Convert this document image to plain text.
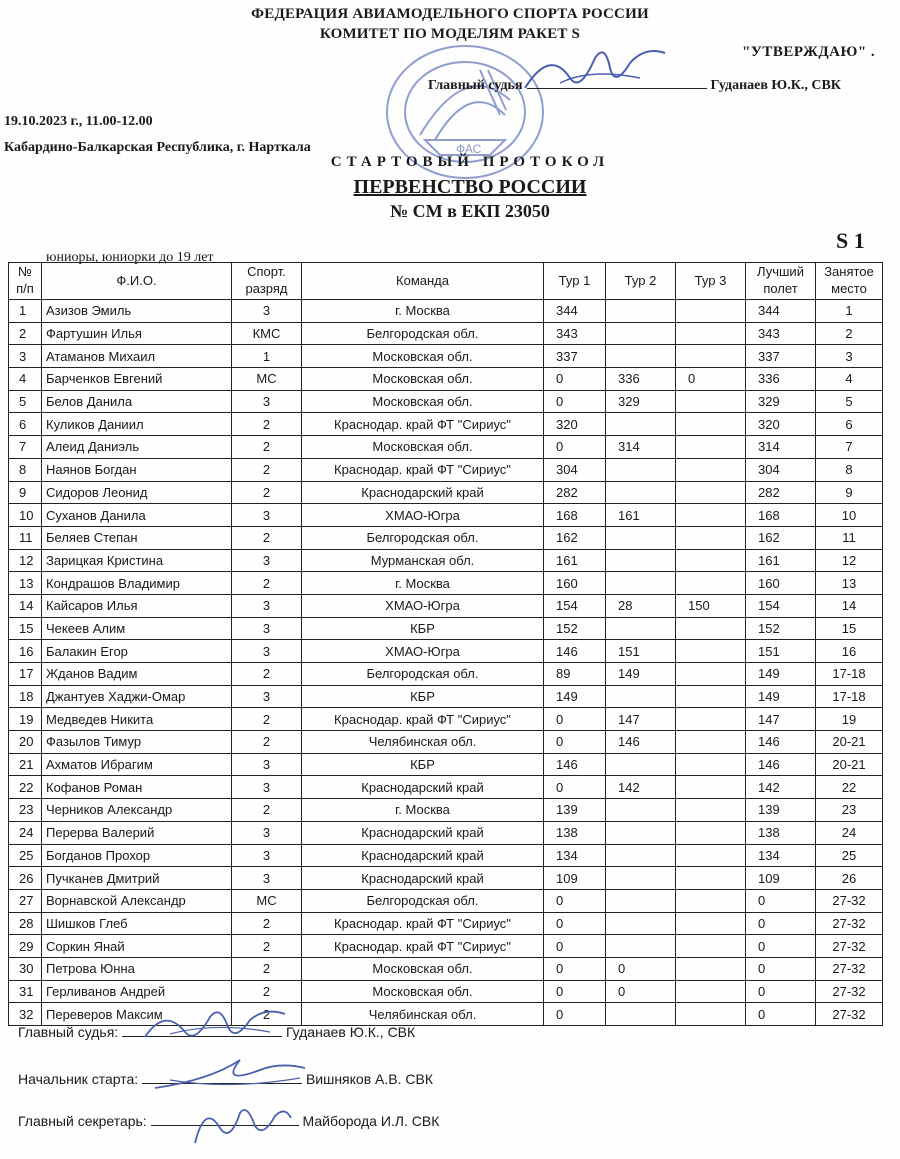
ФЕДЕРАЦИЯ АВИАМОДЕЛЬНОГО СПОРТА РОССИИ
КОМИТЕТ ПО МОДЕЛЯМ РАКЕТ S
ФАС
"УТВЕРЖДАЮ" .
Главный судья	Гуданаев Ю.К., СВК
19.10.2023 г., 11.00-12.00
Кабардино-Балкарская Республика, г. Нарткала
СТАРТОВЫЙ ПРОТОКОЛ
ПЕРВЕНСТВО РОССИИ
№ СМ в ЕКП 23050
S 1
юниоры, юниорки до 19 лет
№ п/п	Ф.И.О.	Спорт. разряд	Команда	Тур 1	Тур 2	Тур 3	Лучший полет	Занятое место
1	Азизов Эмиль	3	г. Москва	344			344	1
2	Фартушин Илья	КМС	Белгородская обл.	343			343	2
3	Атаманов Михаил	1	Московская обл.	337			337	3
4	Барченков Евгений	МС	Московская обл.	0	336	0	336	4
5	Белов Данила	3	Московская обл.	0	329		329	5
6	Куликов Даниил	2	Краснодар. край ФТ "Сириус"	320			320	6
7	Алеид Даниэль	2	Московская обл.	0	314		314	7
8	Наянов Богдан	2	Краснодар. край ФТ "Сириус"	304			304	8
9	Сидоров Леонид	2	Краснодарский край	282			282	9
10	Суханов Данила	3	ХМАО-Югра	168	161		168	10
11	Беляев Степан	2	Белгородская обл.	162			162	11
12	Зарицкая Кристина	3	Мурманская обл.	161			161	12
13	Кондрашов Владимир	2	г. Москва	160			160	13
14	Кайсаров Илья	3	ХМАО-Югра	154	28	150	154	14
15	Чекеев Алим	3	КБР	152			152	15
16	Балакин Егор	3	ХМАО-Югра	146	151		151	16
17	Жданов Вадим	2	Белгородская обл.	89	149		149	17-18
18	Джантуев Хаджи-Омар	3	КБР	149			149	17-18
19	Медведев Никита	2	Краснодар. край ФТ "Сириус"	0	147		147	19
20	Фазылов Тимур	2	Челябинская обл.	0	146		146	20-21
21	Ахматов Ибрагим	3	КБР	146			146	20-21
22	Кофанов Роман	3	Краснодарский край	0	142		142	22
23	Черников Александр	2	г. Москва	139			139	23
24	Перерва Валерий	3	Краснодарский край	138			138	24
25	Богданов Прохор	3	Краснодарский край	134			134	25
26	Пучканев Дмитрий	3	Краснодарский край	109			109	26
27	Ворнавской Александр	МС	Белгородская обл.	0			0	27-32
28	Шишков Глеб	2	Краснодар. край ФТ "Сириус"	0			0	27-32
29	Соркин Янай	2	Краснодар. край ФТ "Сириус"	0			0	27-32
30	Петрова Юнна	2	Московская обл.	0	0		0	27-32
31	Герливанов Андрей	2	Московская обл.	0	0		0	27-32
32	Переверов Максим	2	Челябинская обл.	0			0	27-32
Главный судья:	Гуданаев Ю.К., СВК
Начальник старта:	Вишняков А.В. СВК
Главный секретарь:	Майборода И.Л. СВК
